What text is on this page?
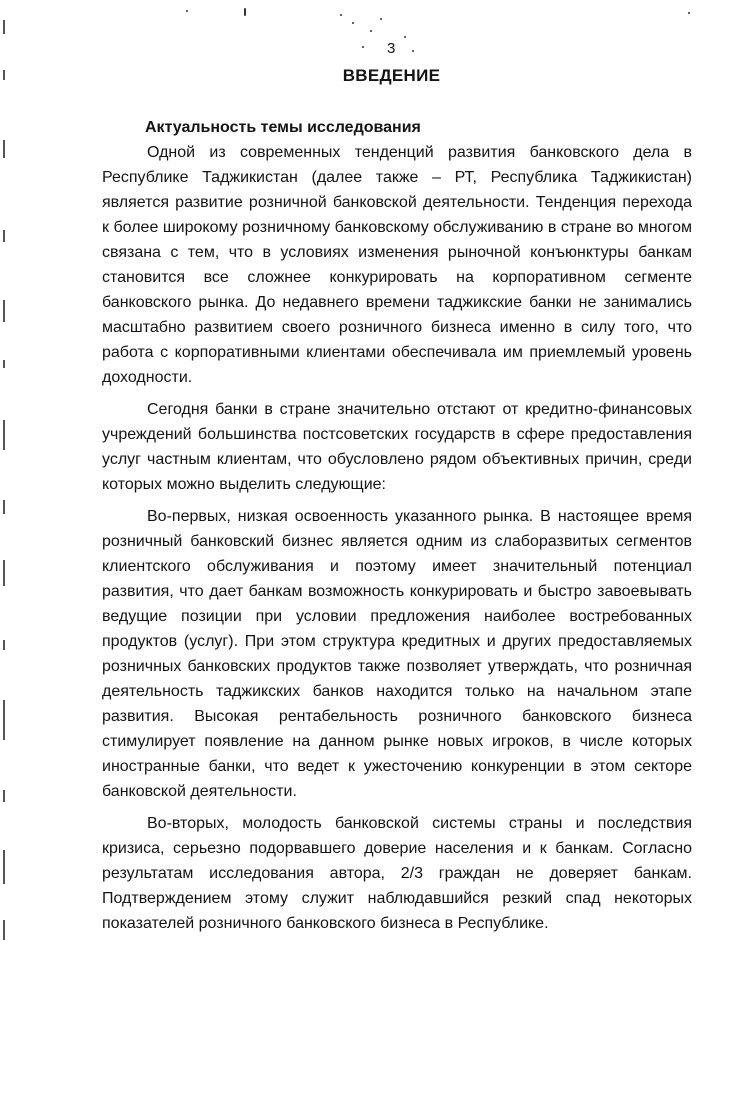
3
ВВЕДЕНИЕ
Актуальность темы исследования

Одной из современных тенденций развития банковского дела в Республике Таджикистан (далее также – РТ, Республика Таджикистан) является развитие розничной банковской деятельности. Тенденция перехода к более широкому розничному банковскому обслуживанию в стране во многом связана с тем, что в условиях изменения рыночной конъюнктуры банкам становится все сложнее конкурировать на корпоративном сегменте банковского рынка. До недавнего времени таджикские банки не занимались масштабно развитием своего розничного бизнеса именно в силу того, что работа с корпоративными клиентами обеспечивала им приемлемый уровень доходности.

Сегодня банки в стране значительно отстают от кредитно-финансовых учреждений большинства постсоветских государств в сфере предоставления услуг частным клиентам, что обусловлено рядом объективных причин, среди которых можно выделить следующие:

Во-первых, низкая освоенность указанного рынка. В настоящее время розничный банковский бизнес является одним из слаборазвитых сегментов клиентского обслуживания и поэтому имеет значительный потенциал развития, что дает банкам возможность конкурировать и быстро завоевывать ведущие позиции при условии предложения наиболее востребованных продуктов (услуг). При этом структура кредитных и других предоставляемых розничных банковских продуктов также позволяет утверждать, что розничная деятельность таджикских банков находится только на начальном этапе развития. Высокая рентабельность розничного банковского бизнеса стимулирует появление на данном рынке новых игроков, в числе которых иностранные банки, что ведет к ужесточению конкуренции в этом секторе банковской деятельности.

Во-вторых, молодость банковской системы страны и последствия кризиса, серьезно подорвавшего доверие населения и к банкам. Согласно результатам исследования автора, 2/3 граждан не доверяет банкам. Подтверждением этому служит наблюдавшийся резкий спад некоторых показателей розничного банковского бизнеса в Республике.
